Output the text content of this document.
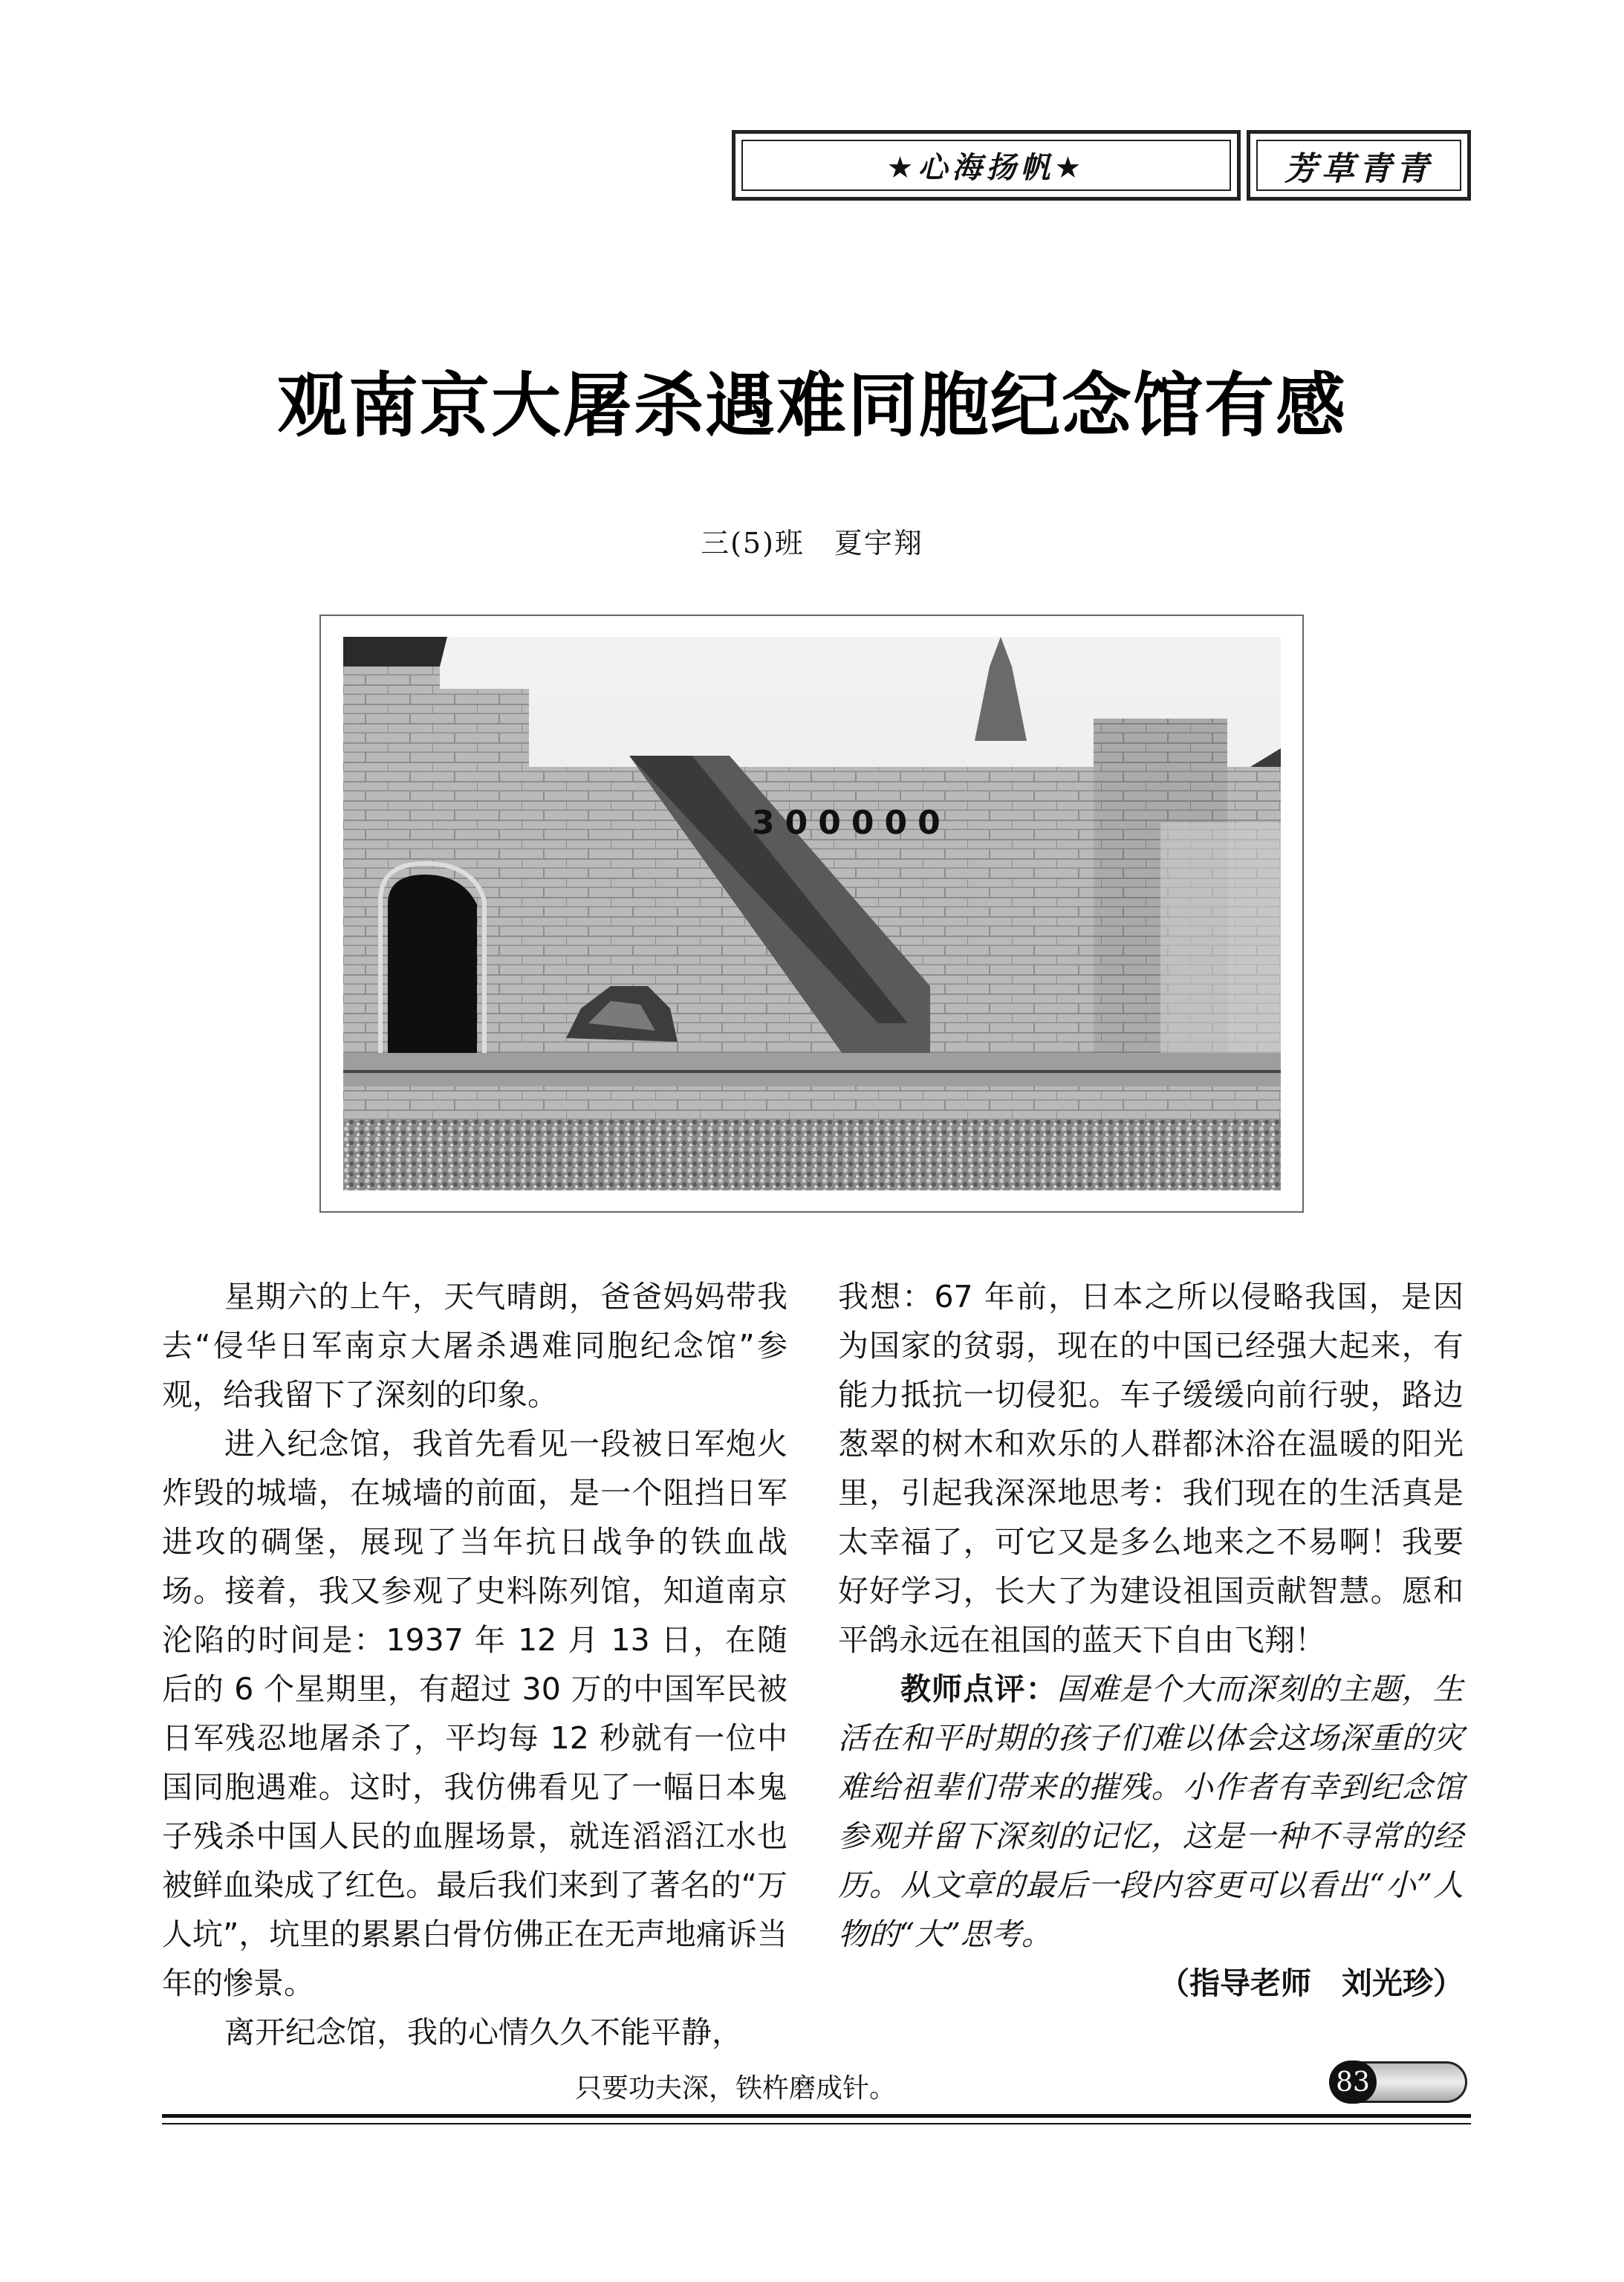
★心海扬帆★	芳草青青
观南京大屠杀遇难同胞纪念馆有感
三(5)班 夏宇翔
300000

星期六的上午，天气晴朗，爸爸妈妈带我去“侵华日军南京大屠杀遇难同胞纪念馆”参观，给我留下了深刻的印象。

进入纪念馆，我首先看见一段被日军炮火炸毁的城墙，在城墙的前面，是一个阻挡日军进攻的碉堡，展现了当年抗日战争的铁血战场。接着，我又参观了史料陈列馆，知道南京沦陷的时间是：1937 年 12 月 13 日，在随后的 6 个星期里，有超过 30 万的中国军民被日军残忍地屠杀了，平均每 12 秒就有一位中国同胞遇难。这时，我仿佛看见了一幅日本鬼子残杀中国人民的血腥场景，就连滔滔江水也被鲜血染成了红色。最后我们来到了著名的“万人坑”，坑里的累累白骨仿佛正在无声地痛诉当年的惨景。

离开纪念馆，我的心情久久不能平静，

我想：67 年前，日本之所以侵略我国，是因为国家的贫弱，现在的中国已经强大起来，有能力抵抗一切侵犯。车子缓缓向前行驶，路边葱翠的树木和欢乐的人群都沐浴在温暖的阳光里，引起我深深地思考：我们现在的生活真是太幸福了，可它又是多么地来之不易啊！我要好好学习，长大了为建设祖国贡献智慧。愿和平鸽永远在祖国的蓝天下自由飞翔！

教师点评：国难是个大而深刻的主题，生活在和平时期的孩子们难以体会这场深重的灾难给祖辈们带来的摧残。小作者有幸到纪念馆参观并留下深刻的记忆，这是一种不寻常的经历。从文章的最后一段内容更可以看出“小”人物的“大”思考。

（指导老师　刘光珍）

只要功夫深，铁杵磨成针。	83
